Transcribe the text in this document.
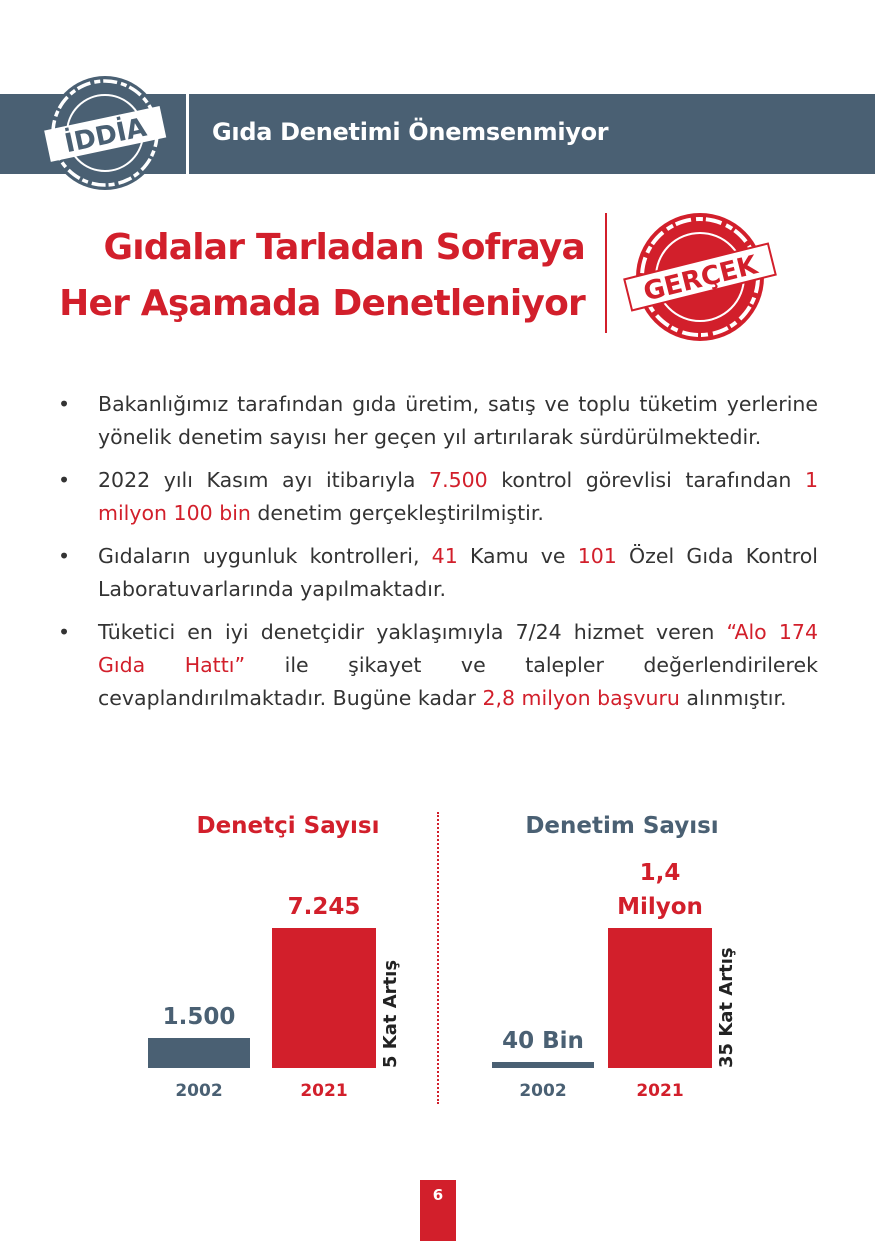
İDDİA	Gıda Denetimi Önemsenmiyor
Gıdalar Tarladan Sofraya
Her Aşamada Denetleniyor GERÇEK
• Bakanlığımız tarafından gıda üretim, satış ve toplu tüketim yerlerine yönelik denetim sayısı her geçen yıl artırılarak sürdürülmektedir.
• 2022 yılı Kasım ayı itibarıyla 7.500 kontrol görevlisi tarafından 1 milyon 100 bin denetim gerçekleştirilmiştir.
• Gıdaların uygunluk kontrolleri, 41 Kamu ve 101 Özel Gıda Kontrol Laboratuvarlarında yapılmaktadır.
• Tüketici en iyi denetçidir yaklaşımıyla 7/24 hizmet veren “Alo 174 Gıda Hattı” ile şikayet ve talepler değerlendirilerek cevaplandırılmaktadır. Bugüne kadar 2,8 milyon başvuru alınmıştır.
Denetçi Sayısı	Denetim Sayısı
2002
1.500
2021
7.245
5 Kat Artış
2002
40 Bin
2021
1,4 Milyon
35 Kat Artış
6
